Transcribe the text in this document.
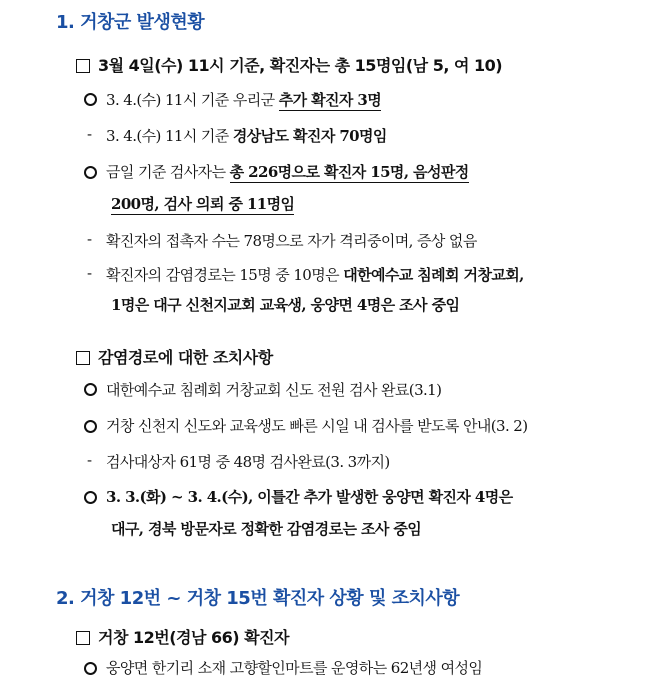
1. 거창군 발생현황
3월 4일(수) 11시 기준, 확진자는 총 15명임(남 5, 여 10)
3. 4.(수) 11시 기준 우리군 추가 확진자 3명
- 3. 4.(수) 11시 기준 경상남도 확진자 70명임
금일 기준 검사자는 총 226명으로 확진자 15명, 음성판정
200명, 검사 의뢰 중 11명임
- 확진자의 접촉자 수는 78명으로 자가 격리중이며, 증상 없음
- 확진자의 감염경로는 15명 중 10명은 대한예수교 침례회 거창교회,
1명은 대구 신천지교회 교육생, 웅양면 4명은 조사 중임
감염경로에 대한 조치사항
대한예수교 침례회 거창교회 신도 전원 검사 완료(3.1)
거창 신천지 신도와 교육생도 빠른 시일 내 검사를 받도록 안내(3. 2)
- 검사대상자 61명 중 48명 검사완료(3. 3까지)
3. 3.(화) ~ 3. 4.(수), 이틀간 추가 발생한 웅양면 확진자 4명은
대구, 경북 방문자로 정확한 감염경로는 조사 중임
2. 거창 12번 ~ 거창 15번 확진자 상황 및 조치사항
거창 12번(경남 66) 확진자
웅양면 한기리 소재 고향할인마트를 운영하는 62년생 여성임
